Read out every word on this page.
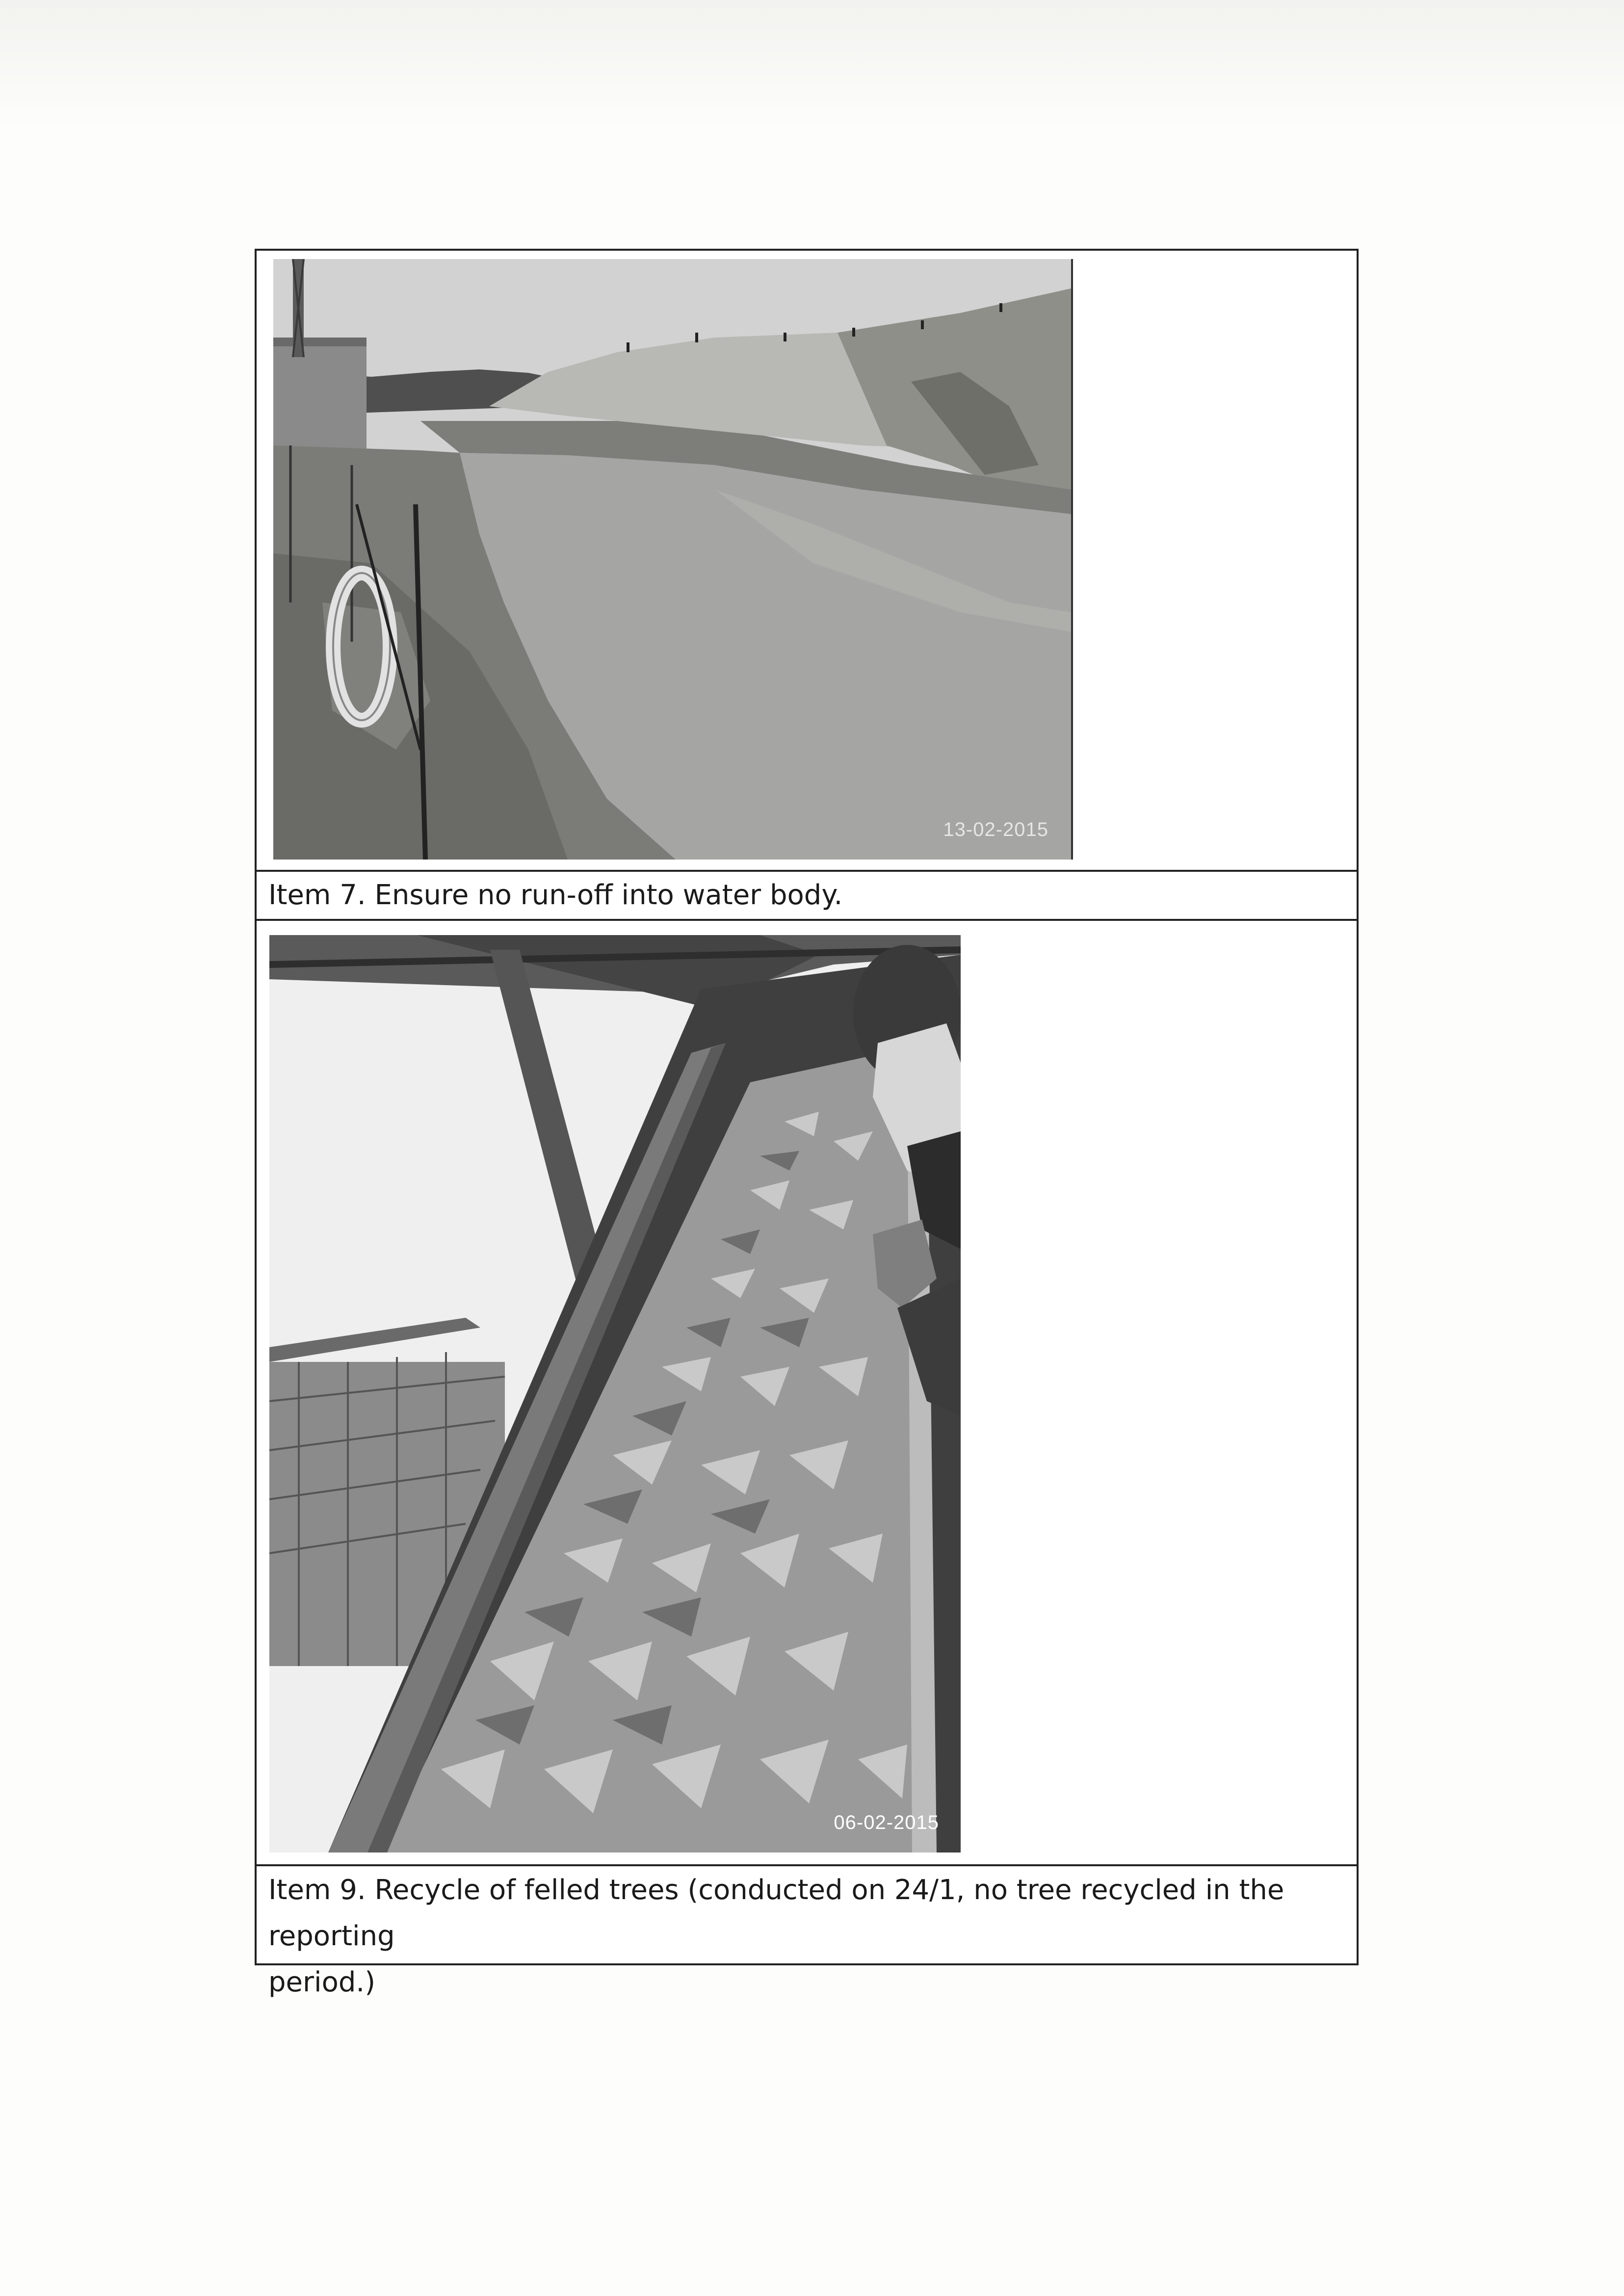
13-02-2015
Item 7. Ensure no run-off into water body.
06-02-2015
Item 9. Recycle of felled trees (conducted on 24/1, no tree recycled in the reporting
period.)
